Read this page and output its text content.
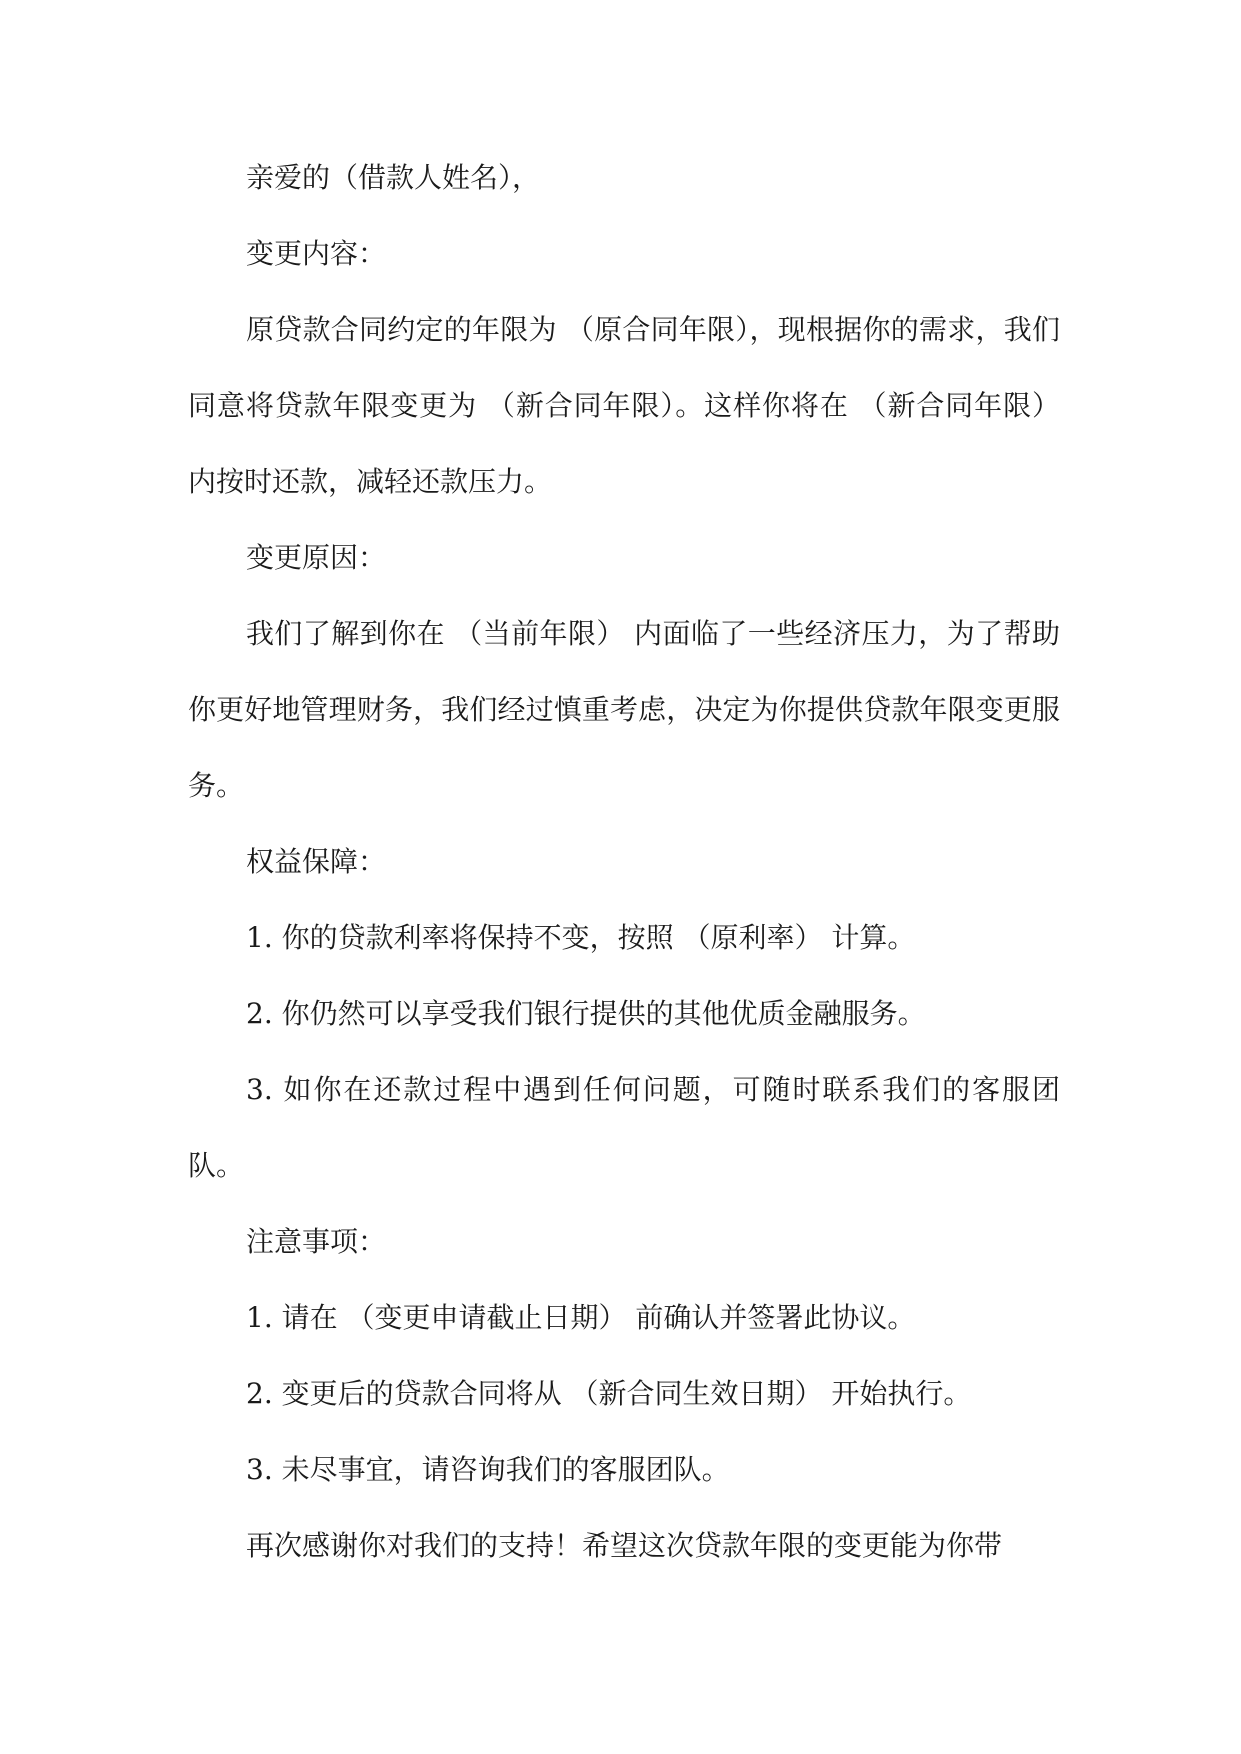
亲爱的（借款人姓名），

变更内容：

原贷款合同约定的年限为 （原合同年限），现根据你的需求，我们同意将贷款年限变更为 （新合同年限）。这样你将在 （新合同年限） 内按时还款，减轻还款压力。

变更原因：

我们了解到你在 （当前年限） 内面临了一些经济压力，为了帮助你更好地管理财务，我们经过慎重考虑，决定为你提供贷款年限变更服务。

权益保障：

1. 你的贷款利率将保持不变，按照 （原利率） 计算。

2. 你仍然可以享受我们银行提供的其他优质金融服务。

3. 如你在还款过程中遇到任何问题，可随时联系我们的客服团队。

注意事项：

1. 请在 （变更申请截止日期） 前确认并签署此协议。

2. 变更后的贷款合同将从 （新合同生效日期） 开始执行。

3. 未尽事宜，请咨询我们的客服团队。

再次感谢你对我们的支持！希望这次贷款年限的变更能为你带
